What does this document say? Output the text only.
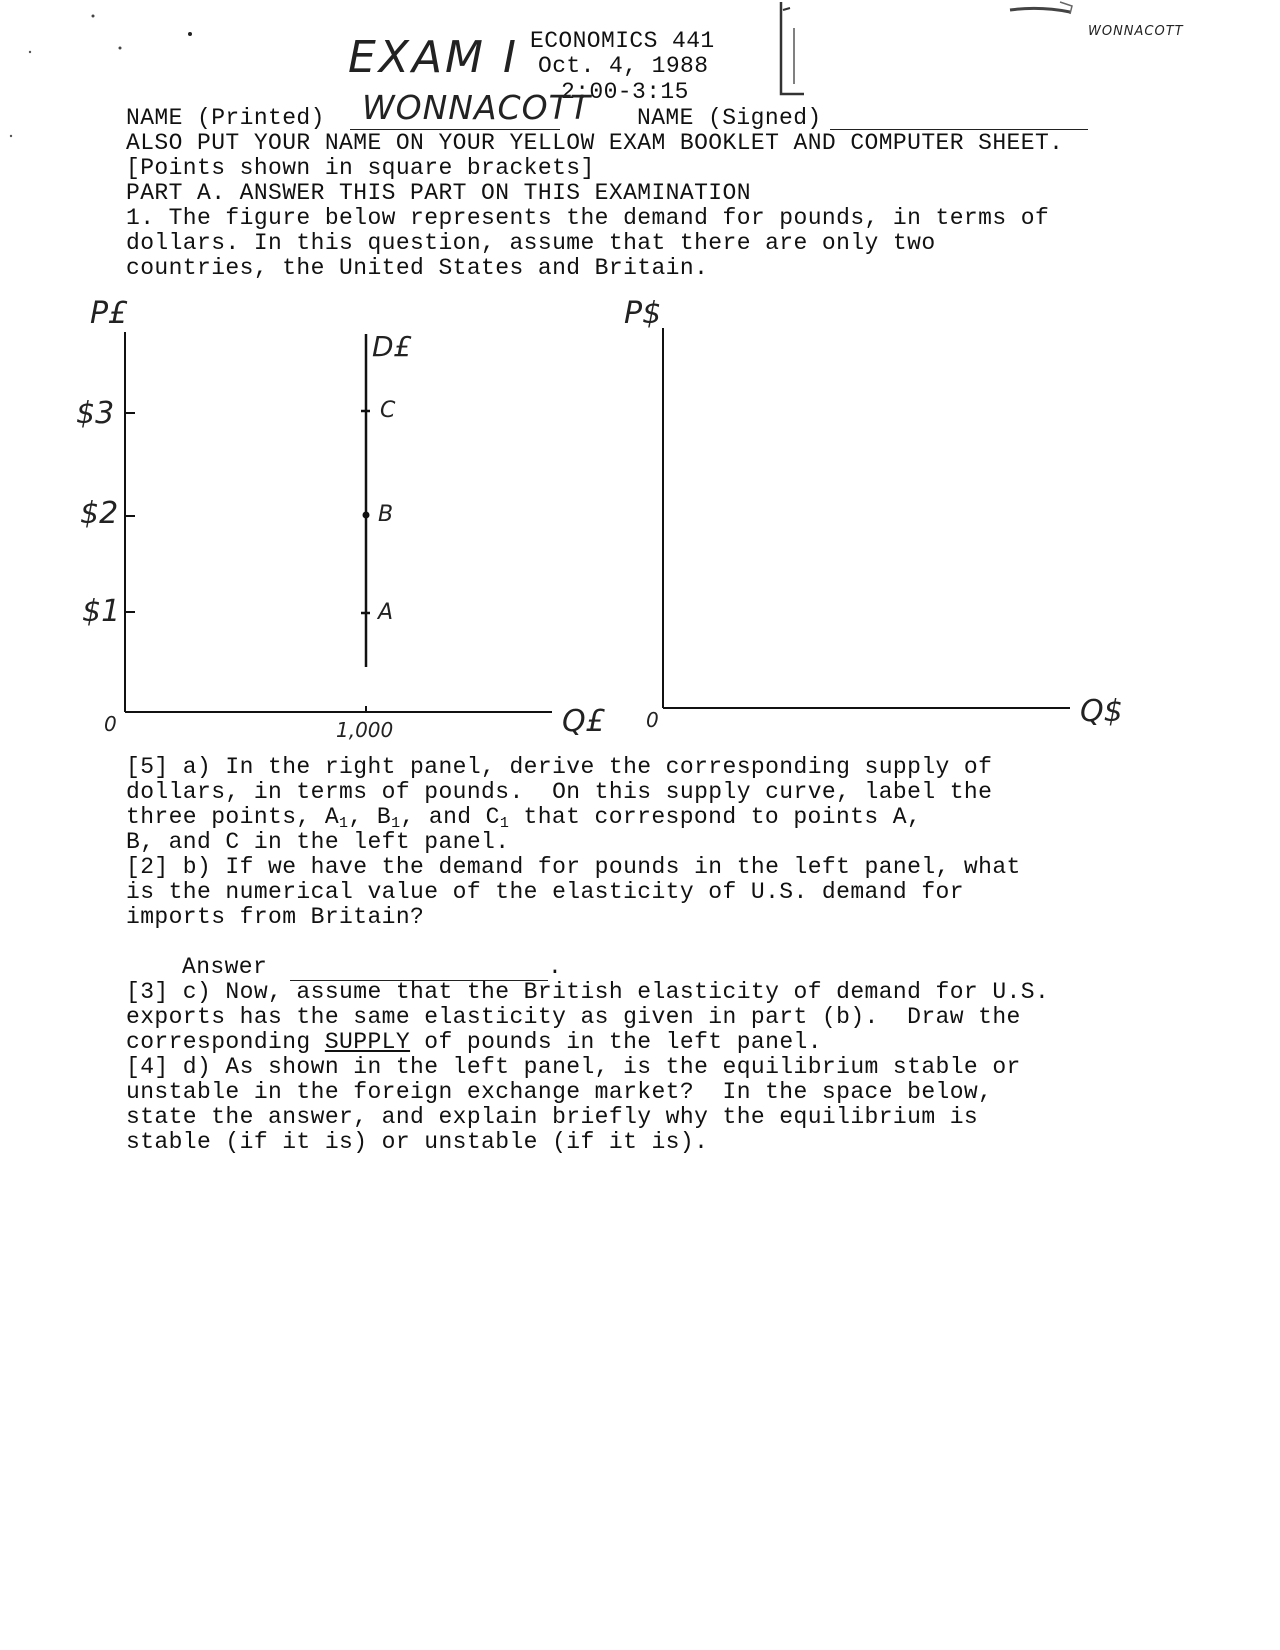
EXAM I ECONOMICS 441
Oct. 4, 1988
2:00-3:15
WONNACOTT
NAME (Printed) WONNACOTT NAME (Signed)
ALSO PUT YOUR NAME ON YOUR YELLOW EXAM BOOKLET AND COMPUTER SHEET.
[Points shown in square brackets]
PART A. ANSWER THIS PART ON THIS EXAMINATION
1. The figure below represents the demand for pounds, in terms of
dollars. In this question, assume that there are only two
countries, the United States and Britain.
P£
$3
$2
$1
0	1,000	Q£
D£
C
B
A
P$
0	Q$
[5] a) In the right panel, derive the corresponding supply of
dollars, in terms of pounds.  On this supply curve, label the
three points, $A_1$, $B_1$, and $C_1$ that correspond to points A,
B, and C in the left panel.
[2] b) If we have the demand for pounds in the left panel, what
is the numerical value of the elasticity of U.S. demand for
imports from Britain?
Answer	.
[3] c) Now, assume that the British elasticity of demand for U.S.
exports has the same elasticity as given in part (b).  Draw the
corresponding SUPPLY of pounds in the left panel.
[4] d) As shown in the left panel, is the equilibrium stable or
unstable in the foreign exchange market?  In the space below,
state the answer, and explain briefly why the equilibrium is
stable (if it is) or unstable (if it is).
